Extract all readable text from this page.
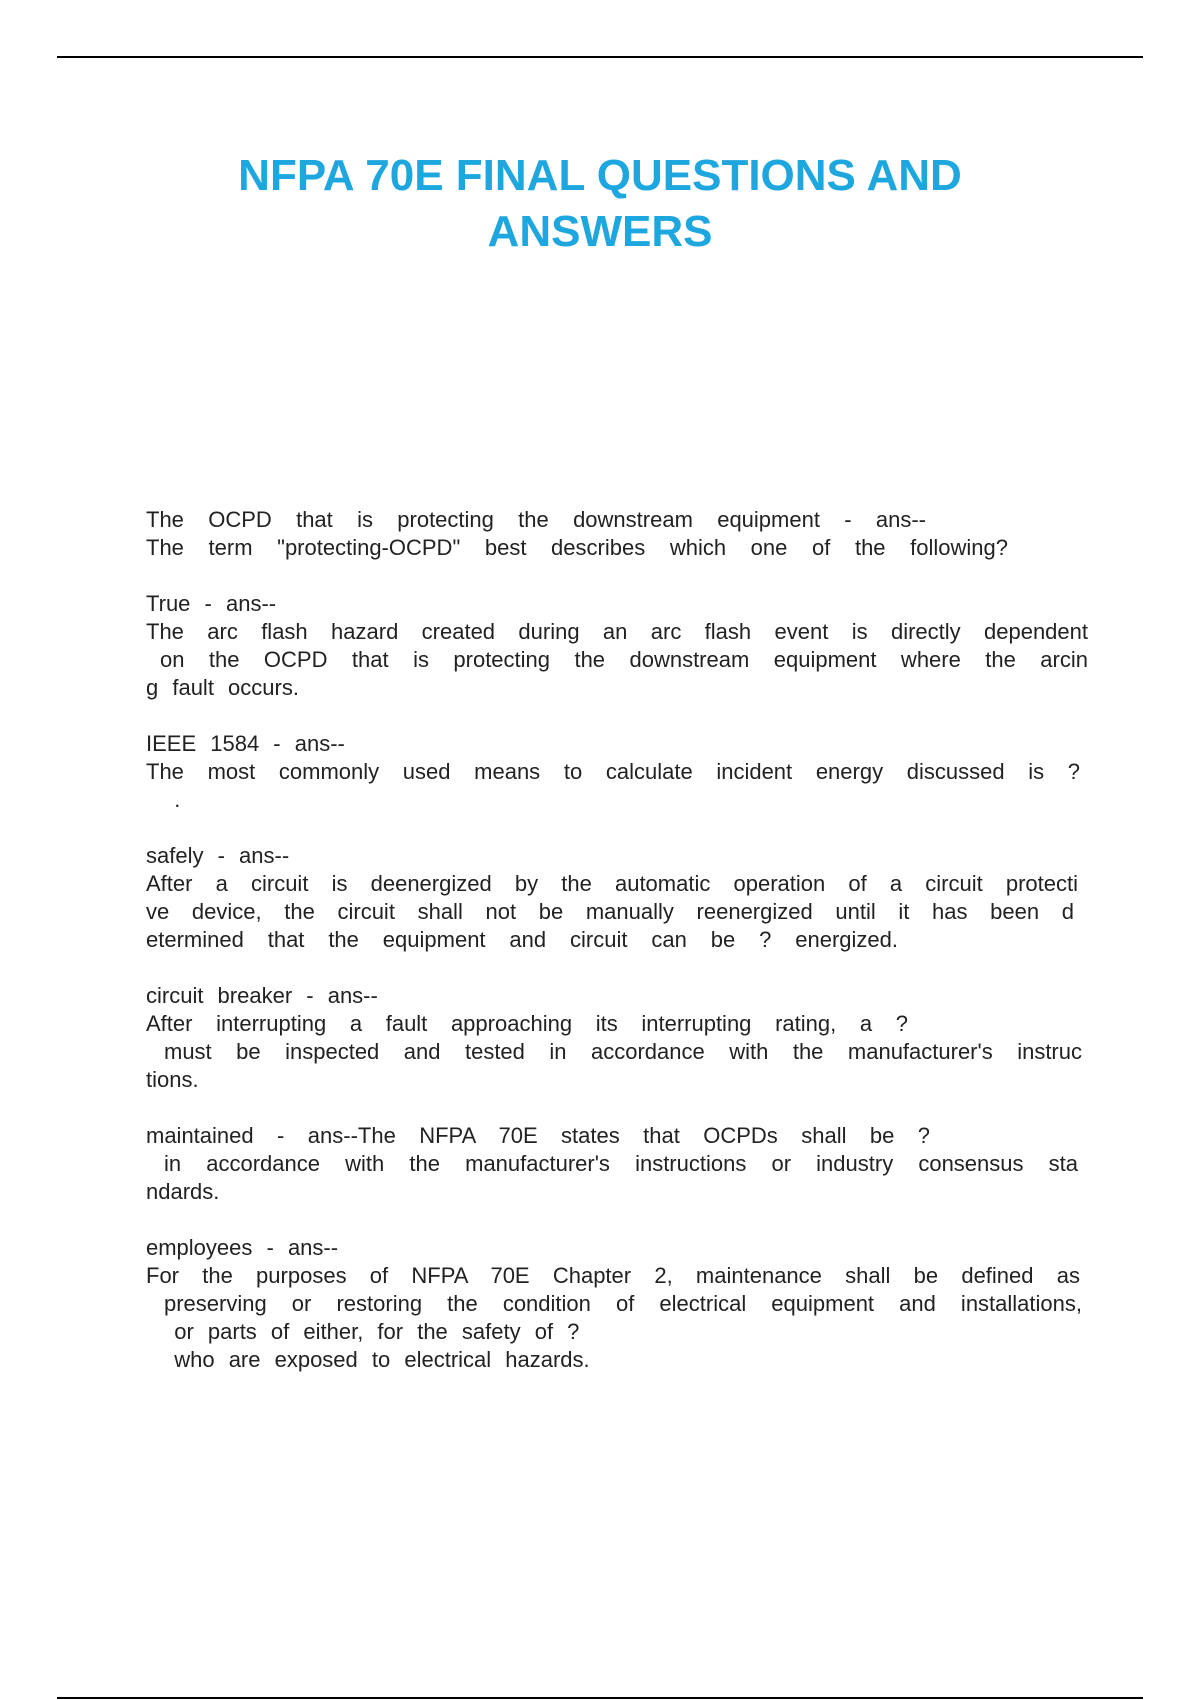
NFPA 70E FINAL QUESTIONS AND
ANSWERS
The OCPD that is protecting the downstream equipment - ans--
The term "protecting-OCPD" best describes which one of the following?
True - ans--
The arc flash hazard created during an arc flash event is directly dependent
on the OCPD that is protecting the downstream equipment where the arcin
g fault occurs.
IEEE 1584 - ans--
The most commonly used means to calculate incident energy discussed is ?
.
safely - ans--
After a circuit is deenergized by the automatic operation of a circuit protecti
ve device, the circuit shall not be manually reenergized until it has been d
etermined that the equipment and circuit can be ? energized.
circuit breaker - ans--
After interrupting a fault approaching its interrupting rating, a ?
must be inspected and tested in accordance with the manufacturer's instruc
tions.
maintained - ans--The NFPA 70E states that OCPDs shall be ?
in accordance with the manufacturer's instructions or industry consensus sta
ndards.
employees - ans--
For the purposes of NFPA 70E Chapter 2, maintenance shall be defined as
preserving or restoring the condition of electrical equipment and installations,
or parts of either, for the safety of ?
who are exposed to electrical hazards.
